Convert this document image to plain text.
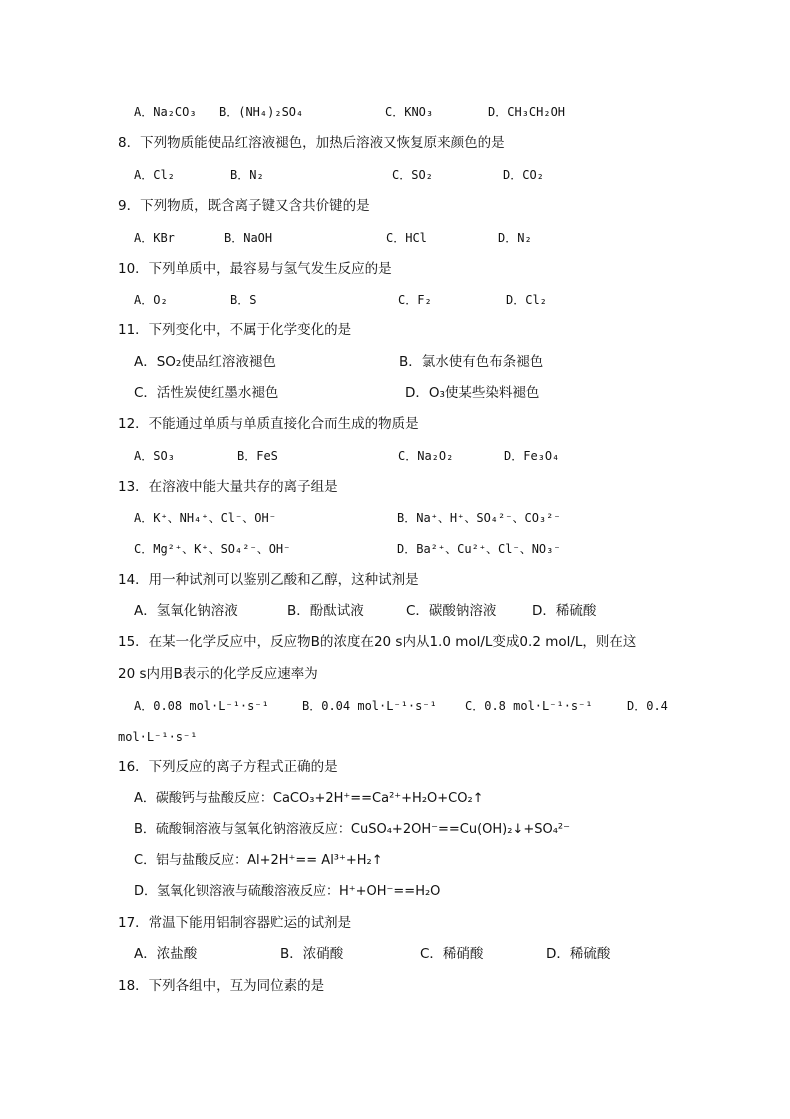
A．Na₂CO₃ B．(NH₄)₂SO₄	C．KNO₃	D．CH₃CH₂OH
8．下列物质能使品红溶液褪色，加热后溶液又恢复原来颜色的是
A．Cl₂	B．N₂	C．SO₂	D．CO₂
9．下列物质，既含离子键又含共价键的是
A．KBr	B．NaOH	C．HCl	D．N₂
10．下列单质中，最容易与氢气发生反应的是
A．O₂	B．S	C．F₂	D．Cl₂
11．下列变化中，不属于化学变化的是
A．SO₂使品红溶液褪色	B．氯水使有色布条褪色
C．活性炭使红墨水褪色	D．O₃使某些染料褪色
12．不能通过单质与单质直接化合而生成的物质是
A．SO₃	B．FeS	C．Na₂O₂	D．Fe₃O₄
13．在溶液中能大量共存的离子组是
A．K⁺、NH₄⁺、Cl⁻、OH⁻	B．Na⁺、H⁺、SO₄²⁻、CO₃²⁻
C．Mg²⁺、K⁺、SO₄²⁻、OH⁻	D．Ba²⁺、Cu²⁺、Cl⁻、NO₃⁻
14．用一种试剂可以鉴别乙酸和乙醇，这种试剂是
A．氢氧化钠溶液	B．酚酞试液	C．碳酸钠溶液	D．稀硫酸
15．在某一化学反应中，反应物B的浓度在20 s内从1.0 mol/L变成0.2 mol/L，则在这
20 s内用B表示的化学反应速率为
A．0.08 mol·L⁻¹·s⁻¹	B．0.04 mol·L⁻¹·s⁻¹ C．0.8 mol·L⁻¹·s⁻¹	D．0.4
mol·L⁻¹·s⁻¹
16．下列反应的离子方程式正确的是
A．碳酸钙与盐酸反应：CaCO₃+2H⁺==Ca²⁺+H₂O+CO₂↑
B．硫酸铜溶液与氢氧化钠溶液反应：CuSO₄+2OH⁻==Cu(OH)₂↓+SO₄²⁻
C．铝与盐酸反应：Al+2H⁺== Al³⁺+H₂↑
D．氢氧化钡溶液与硫酸溶液反应：H⁺+OH⁻==H₂O
17．常温下能用铝制容器贮运的试剂是
A．浓盐酸	B．浓硝酸	C．稀硝酸	D．稀硫酸
18．下列各组中，互为同位素的是
